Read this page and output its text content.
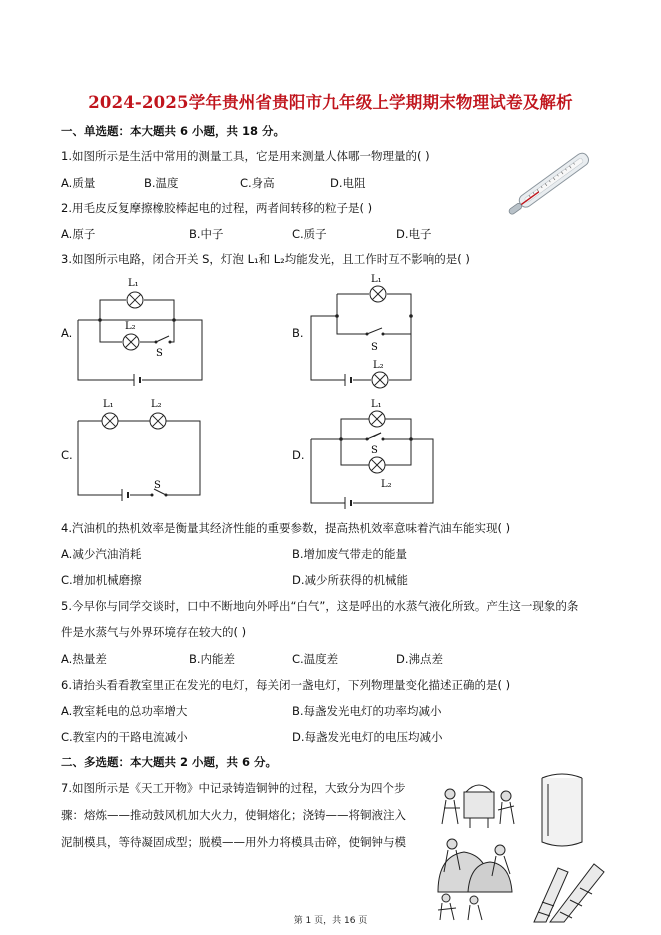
2024-2025学年贵州省贵阳市九年级上学期期末物理试卷及解析
一、单选题：本大题共 6 小题，共 18 分。
1.如图所示是生活中常用的测量工具，它是用来测量人体哪一物理量的( )
A.质量	B.温度	C.身高	D.电阻
2.用毛皮反复摩擦橡胶棒起电的过程，两者间转移的粒子是( )
A.原子	B.中子	C.质子	D.电子
3.如图所示电路，闭合开关 S，灯泡 L₁和 L₂均能发光，且工作时互不影响的是( )
A.
L₁
L₂
S
B.
L₁
S
L₂
C.
L₁	L₂
S
D.
L₁
S
L₂
4.汽油机的热机效率是衡量其经济性能的重要参数，提高热机效率意味着汽油车能实现( )
A.减少汽油消耗	B.增加废气带走的能量
C.增加机械磨擦	D.减少所获得的机械能
5.今早你与同学交谈时，口中不断地向外呼出“白气”，这是呼出的水蒸气液化所致。产生这一现象的条
件是水蒸气与外界环境存在较大的( )
A.热量差	B.内能差	C.温度差	D.沸点差
6.请抬头看看教室里正在发光的电灯，每关闭一盏电灯，下列物理量变化描述正确的是( )
A.教室耗电的总功率增大	B.每盏发光电灯的功率均减小
C.教室内的干路电流减小	D.每盏发光电灯的电压均减小
二、多选题：本大题共 2 小题，共 6 分。
7.如图所示是《天工开物》中记录铸造铜钟的过程，大致分为四个步
骤：熔炼——推动鼓风机加大火力，使铜熔化；浇铸——将铜液注入
泥制模具，等待凝固成型；脱模——用外力将模具击碎，使铜钟与模
第 1 页，共 16 页
